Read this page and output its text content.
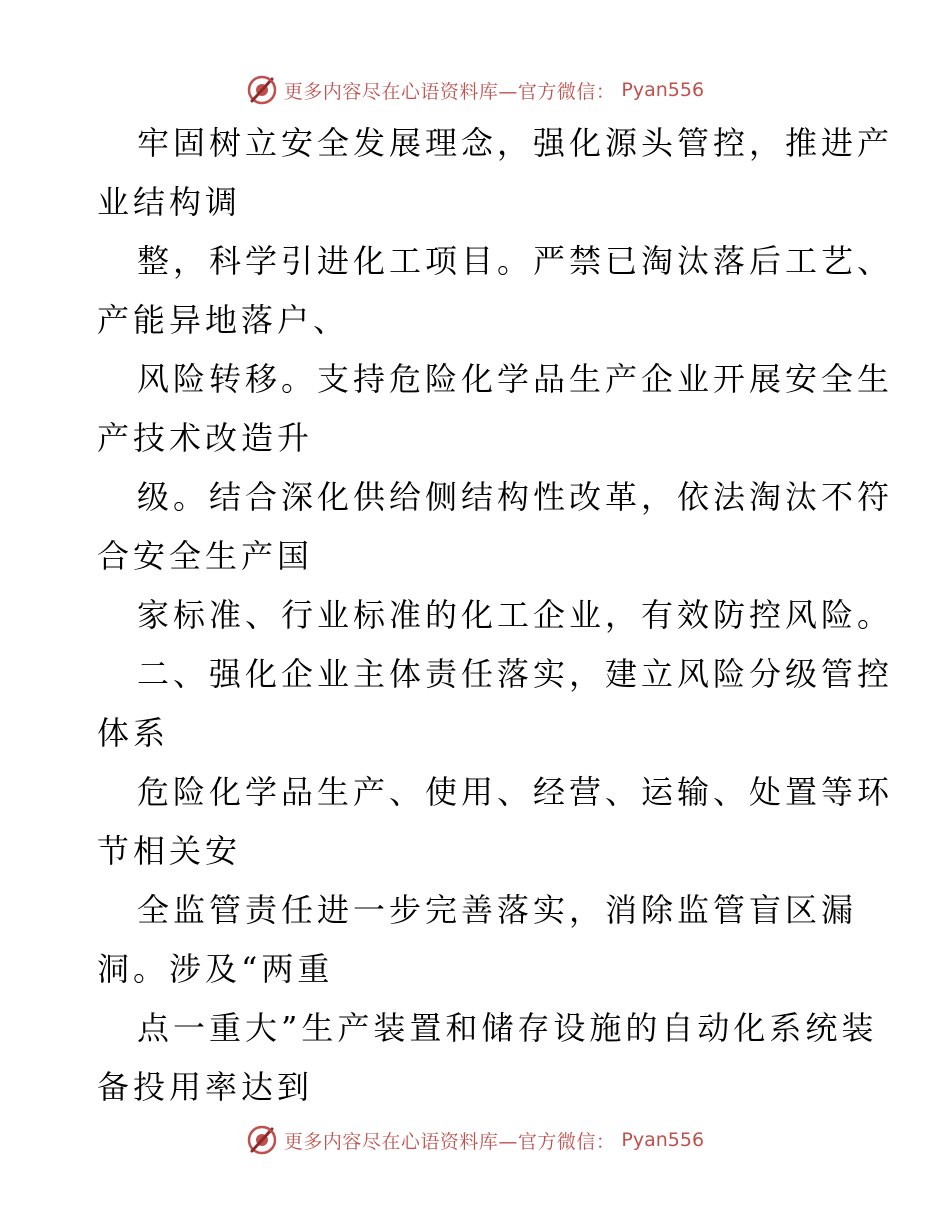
更多内容尽在心语资料库—官方微信： Pyan556
牢固树立安全发展理念，强化源头管控，推进产
业结构调
整，科学引进化工项目。严禁已淘汰落后工艺、
产能异地落户、
风险转移。支持危险化学品生产企业开展安全生
产技术改造升
级。结合深化供给侧结构性改革，依法淘汰不符
合安全生产国
家标准、行业标准的化工企业，有效防控风险。
二、强化企业主体责任落实，建立风险分级管控
体系
危险化学品生产、使用、经营、运输、处置等环
节相关安
全监管责任进一步完善落实，消除监管盲区漏
洞。涉及“两重
点一重大”生产装置和储存设施的自动化系统装
备投用率达到
更多内容尽在心语资料库—官方微信： Pyan556
